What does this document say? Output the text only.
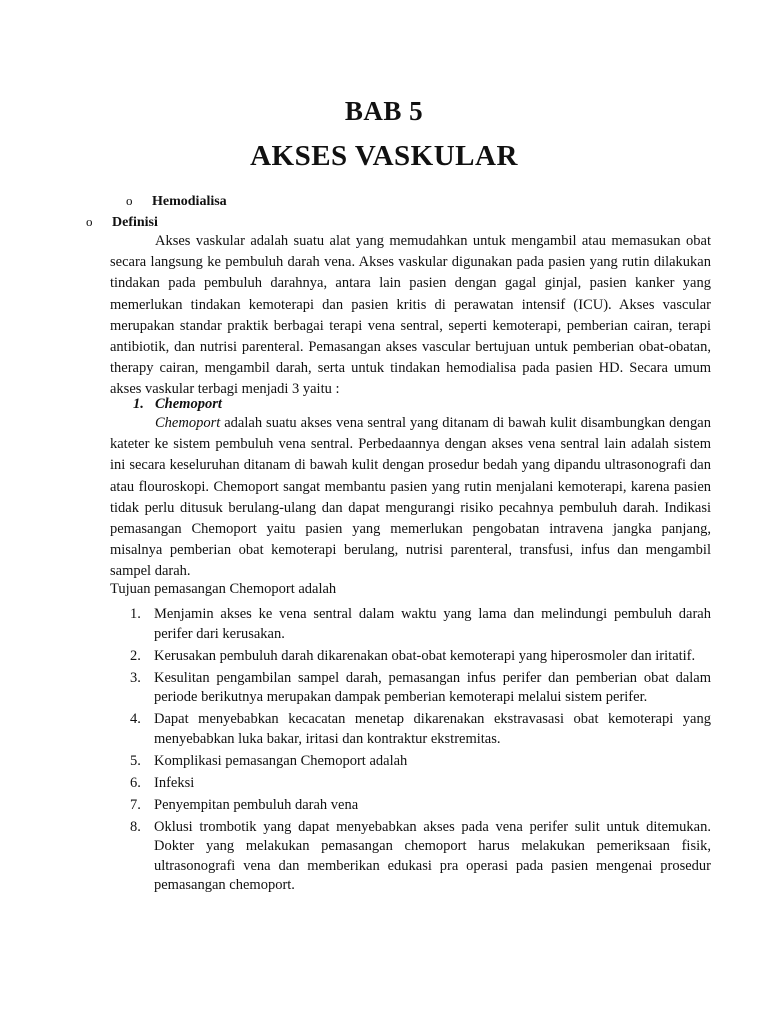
BAB 5
AKSES VASKULAR
o Hemodialisa
o Definisi

Akses vaskular adalah suatu alat yang memudahkan untuk mengambil atau memasukan obat secara langsung ke pembuluh darah vena. Akses vaskular digunakan pada pasien yang rutin dilakukan tindakan pada pembuluh darahnya, antara lain pasien dengan gagal ginjal, pasien kanker yang memerlukan tindakan kemoterapi dan pasien kritis di perawatan intensif (ICU). Akses vascular merupakan standar praktik berbagai terapi vena sentral, seperti kemoterapi, pemberian cairan, terapi antibiotik, dan nutrisi parenteral. Pemasangan akses vascular bertujuan untuk pemberian obat-obatan, therapy cairan, mengambil darah, serta untuk tindakan hemodialisa pada pasien HD. Secara umum akses vaskular terbagi menjadi 3 yaitu :

1. Chemoport

Chemoport adalah suatu akses vena sentral yang ditanam di bawah kulit disambungkan dengan kateter ke sistem pembuluh vena sentral. Perbedaannya dengan akses vena sentral lain adalah sistem ini secara keseluruhan ditanam di bawah kulit dengan prosedur bedah yang dipandu ultrasonografi dan atau flouroskopi. Chemoport sangat membantu pasien yang rutin menjalani kemoterapi, karena pasien tidak perlu ditusuk berulang-ulang dan dapat mengurangi risiko pecahnya pembuluh darah. Indikasi pemasangan Chemoport yaitu pasien yang memerlukan pengobatan intravena jangka panjang, misalnya pemberian obat kemoterapi berulang, nutrisi parenteral, transfusi, infus dan mengambil sampel darah.

Tujuan pemasangan Chemoport adalah

1. Menjamin akses ke vena sentral dalam waktu yang lama dan melindungi pembuluh darah perifer dari kerusakan.
2. Kerusakan pembuluh darah dikarenakan obat-obat kemoterapi yang hiperosmoler dan iritatif.
3. Kesulitan pengambilan sampel darah, pemasangan infus perifer dan pemberian obat dalam periode berikutnya merupakan dampak pemberian kemoterapi melalui sistem perifer.
4. Dapat menyebabkan kecacatan menetap dikarenakan ekstravasasi obat kemoterapi yang menyebabkan luka bakar, iritasi dan kontraktur ekstremitas.
5. Komplikasi pemasangan Chemoport adalah
6. Infeksi
7. Penyempitan pembuluh darah vena
8. Oklusi trombotik yang dapat menyebabkan akses pada vena perifer sulit untuk ditemukan. Dokter yang melakukan pemasangan chemoport harus melakukan pemeriksaan fisik, ultrasonografi vena dan memberikan edukasi pra operasi pada pasien mengenai prosedur pemasangan chemoport.
